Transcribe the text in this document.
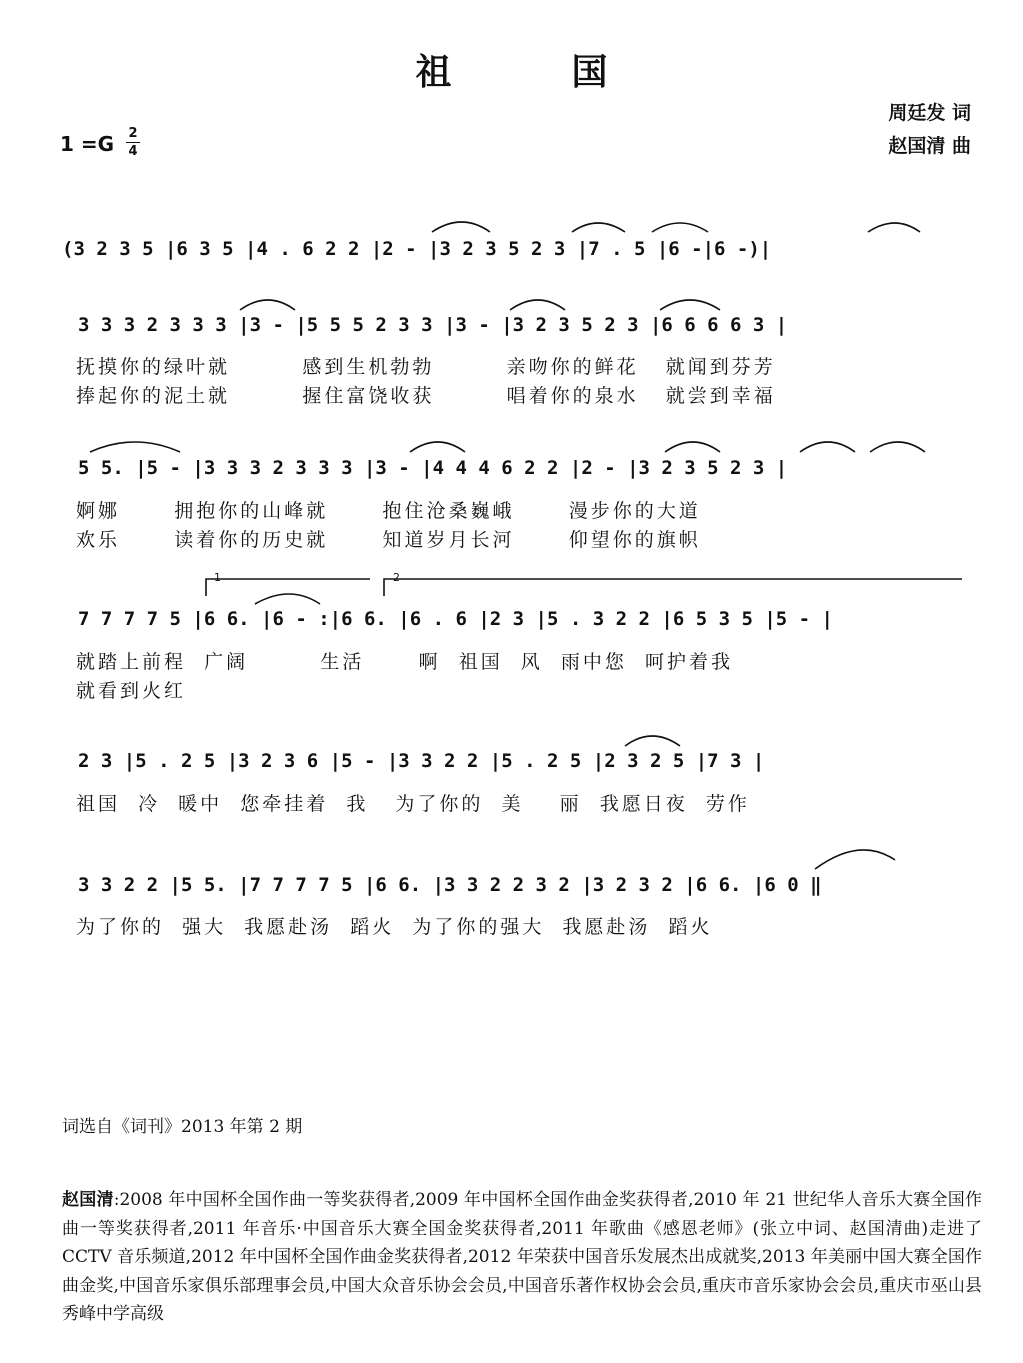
祖	国
周廷发 词
赵国清 曲
1 =G 2
4
(3 2 3 5 |6 3 5 |4 . 6 2 2 |2 - |3 2 3 5 2 3 |7 . 5 |6 -|6 -)|
3 3 3 2 3 3 3 |3 - |5 5 5 2 3 3 |3 - |3 2 3 5 2 3 |6 6 6 6 3 |
抚摸你的绿叶就        感到生机勃勃        亲吻你的鲜花   就闻到芬芳
捧起你的泥土就        握住富饶收获        唱着你的泉水   就尝到幸福
5 5. |5 - |3 3 3 2 3 3 3 |3 - |4 4 4 6 2 2 |2 - |3 2 3 5 2 3 |
婀娜      拥抱你的山峰就      抱住沧桑巍峨      漫步你的大道
欢乐      读着你的历史就      知道岁月长河      仰望你的旗帜
1	2
7 7 7 7 5 |6 6. |6 - :|6 6. |6 . 6 |2 3 |5 . 3 2 2 |6 5 3 5 |5 - |
就踏上前程  广阔        生活      啊  祖国  风  雨中您  呵护着我
就看到火红
2 3 |5 . 2 5 |3 2 3 6 |5 - |3 3 2 2 |5 . 2 5 |2 3 2 5 |7 3 |
祖国  冷  暖中  您牵挂着  我   为了你的  美    丽  我愿日夜  劳作
3 3 2 2 |5 5. |7 7 7 7 5 |6 6. |3 3 2 2 3 2 |3 2 3 2 |6 6. |6 0 ‖
为了你的  强大  我愿赴汤  蹈火  为了你的强大  我愿赴汤  蹈火
词选自《词刊》2013 年第 2 期
赵国清:2008 年中国杯全国作曲一等奖获得者,2009 年中国杯全国作曲金奖获得者,2010 年 21 世纪华人音乐大赛全国作曲一等奖获得者,2011 年音乐·中国音乐大赛全国金奖获得者,2011 年歌曲《感恩老师》(张立中词、赵国清曲)走进了 CCTV 音乐频道,2012 年中国杯全国作曲金奖获得者,2012 年荣获中国音乐发展杰出成就奖,2013 年美丽中国大赛全国作曲金奖,中国音乐家俱乐部理事会员,中国大众音乐协会会员,中国音乐著作权协会会员,重庆市音乐家协会会员,重庆市巫山县秀峰中学高级
